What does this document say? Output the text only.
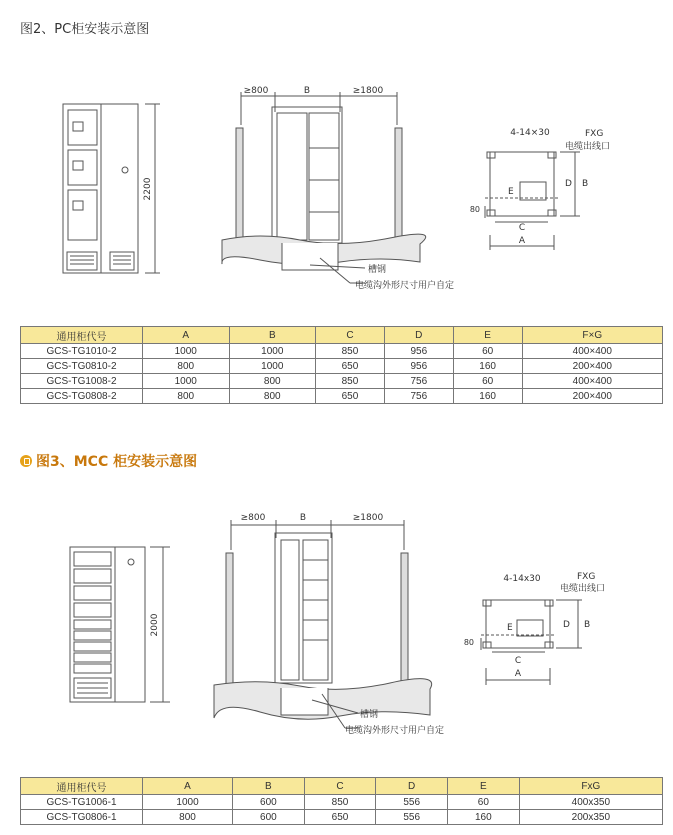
图2、PC柜安装示意图
2200
≥800	B	≥1800
槽钢
电缆沟外形尺寸用户自定
4-14×30	FXG
电缆出线口
D B
E
C
A
80
通用柜代号	A	B	C	D	E	F×G
GCS-TG1010-2	1000	1000	850	956	60	400×400
GCS-TG0810-2	800	1000	650	956	160	200×400
GCS-TG1008-2	1000	800	850	756	60	400×400
GCS-TG0808-2	800	800	650	756	160	200×400
图3、MCC 柜安装示意图
2000
≥800	B	≥1800
槽钢
电缆沟外形尺寸用户自定
4-14x30	FXG
电缆出线口
D B
E
C
A
80
通用柜代号	A	B	C	D	E	FxG
GCS-TG1006-1	1000	600	850	556	60	400x350
GCS-TG0806-1	800	600	650	556	160	200x350
